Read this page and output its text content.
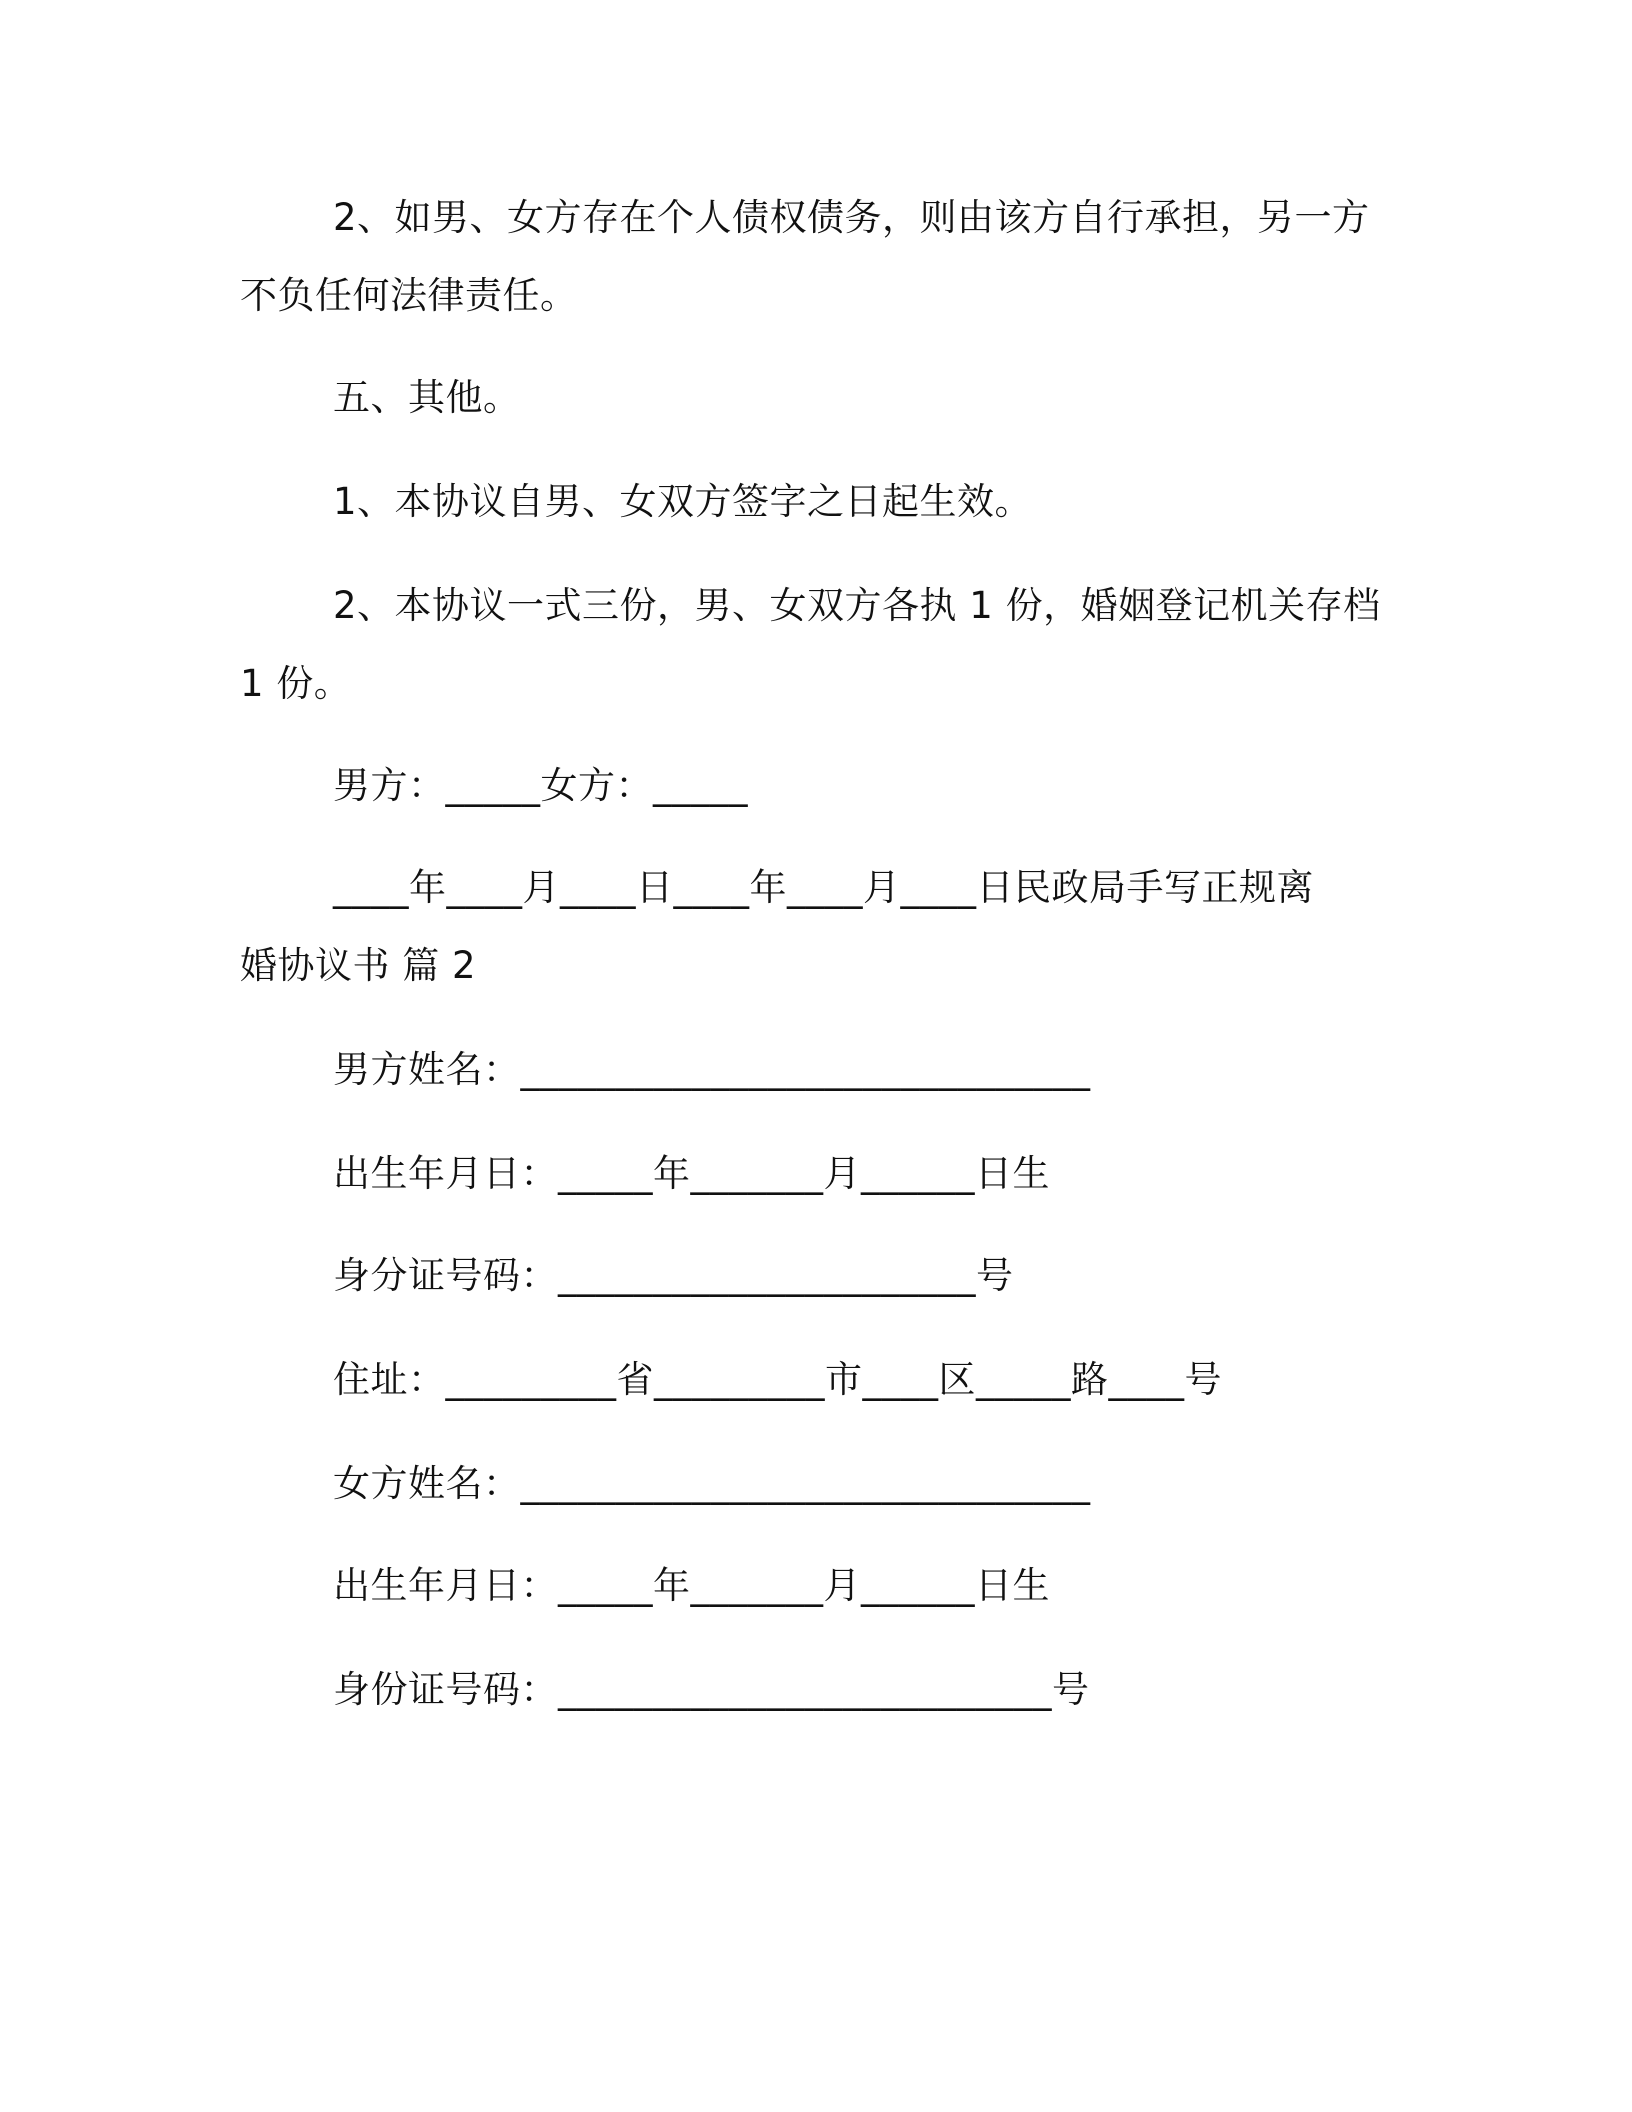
2、如男、女方存在个人债权债务，则由该方自行承担，另一方

不负任何法律责任。

五、其他。

1、本协议自男、女双方签字之日起生效。

2、本协议一式三份，男、女双方各执 1 份，婚姻登记机关存档

1 份。

男方：_____女方：_____

____年____月____日____年____月____日民政局手写正规离

婚协议书 篇 2

男方姓名：______________________________

出生年月日：_____年_______月______日生

身分证号码：______________________号

住址：_________省_________市____区_____路____号

女方姓名：______________________________

出生年月日：_____年_______月______日生

身份证号码：__________________________号
